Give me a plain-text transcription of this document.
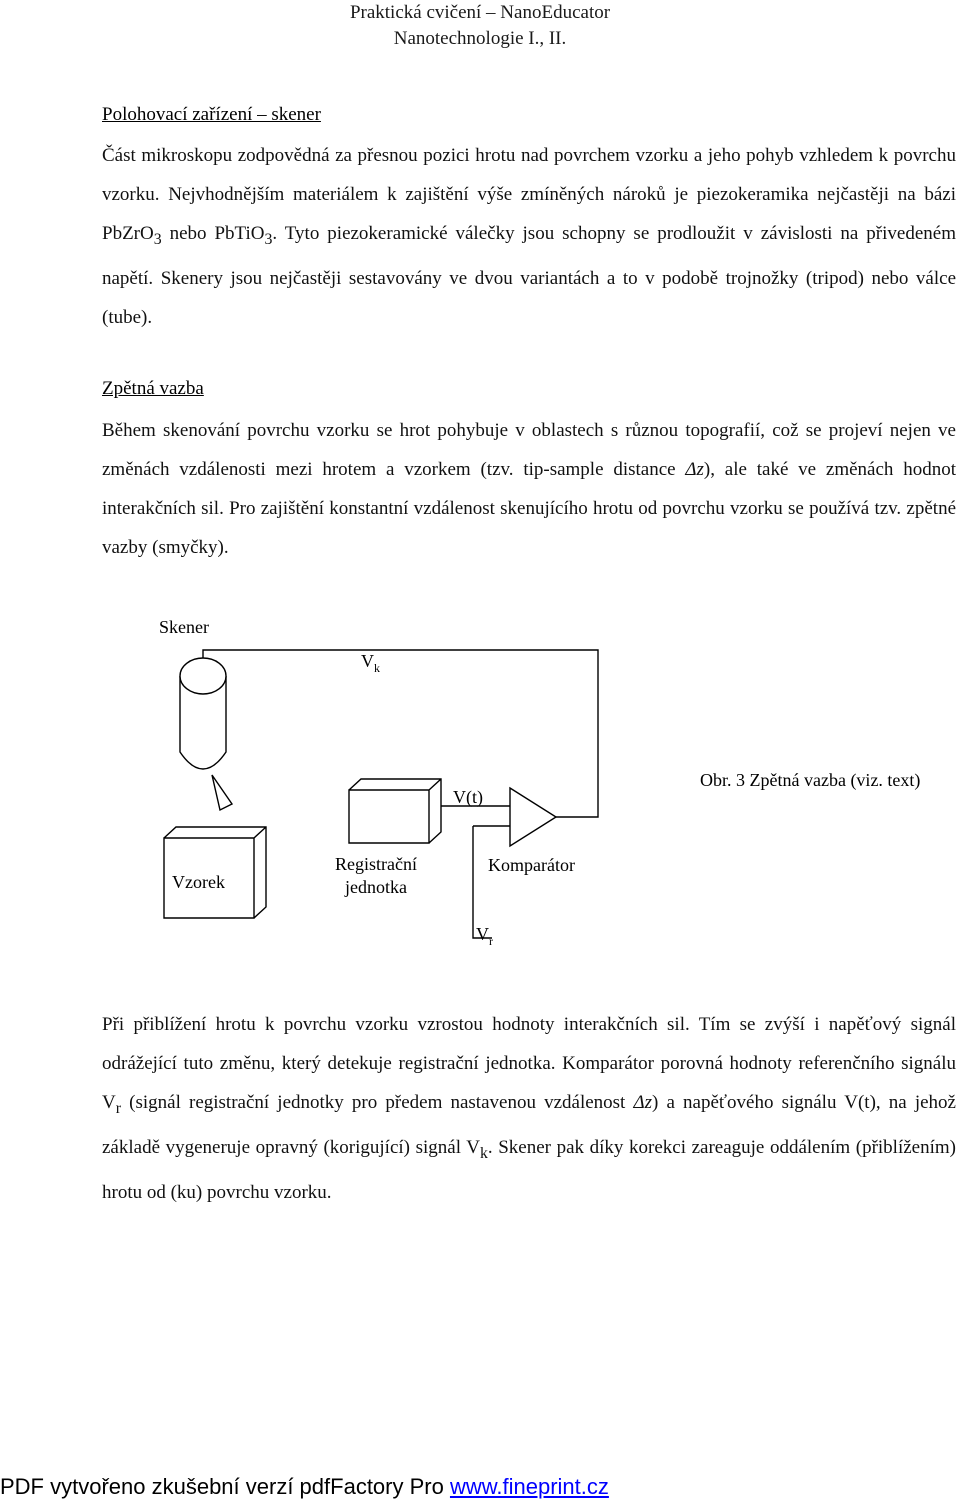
Praktická cvičení – NanoEducator
Nanotechnologie I., II.
Polohovací zařízení – skener
Část mikroskopu zodpovědná za přesnou pozici hrotu nad povrchem vzorku a jeho pohyb vzhledem k povrchu vzorku. Nejvhodnějším materiálem k zajištění výše zmíněných nároků je piezokeramika nejčastěji na bázi PbZrO$_3$ nebo PbTiO$_3$. Tyto piezokeramické válečky jsou schopny se prodloužit v závislosti na přivedeném napětí. Skenery jsou nejčastěji sestavovány ve dvou variantách a to v podobě trojnožky (tripod) nebo válce (tube).
Zpětná vazba
Během skenování povrchu vzorku se hrot pohybuje v oblastech s různou topografií, což se projeví nejen ve změnách vzdálenosti mezi hrotem a vzorkem (tzv. tip-sample distance Δz), ale také ve změnách hodnot interakčních sil. Pro zajištění konstantní vzdálenost skenujícího hrotu od povrchu vzorku se používá tzv. zpětné vazby (smyčky).
Skener
$V_k$
V(t)
Obr. 3 Zpětná vazba (viz. text)
Vzorek
Registrační
jednotka
Komparátor
$V_r$
Při přiblížení hrotu k povrchu vzorku vzrostou hodnoty interakčních sil. Tím se zvýší i napěťový signál odrážející tuto změnu, který detekuje registrační jednotka. Komparátor porovná hodnoty referenčního signálu $V_r$ (signál registrační jednotky pro předem nastavenou vzdálenost Δz) a napěťového signálu V(t), na jehož základě vygeneruje opravný (korigující) signál $V_k$. Skener pak díky korekci zareaguje oddálením (přiblížením) hrotu od (ku) povrchu vzorku.
PDF vytvořeno zkušební verzí pdfFactory Pro www.fineprint.cz
